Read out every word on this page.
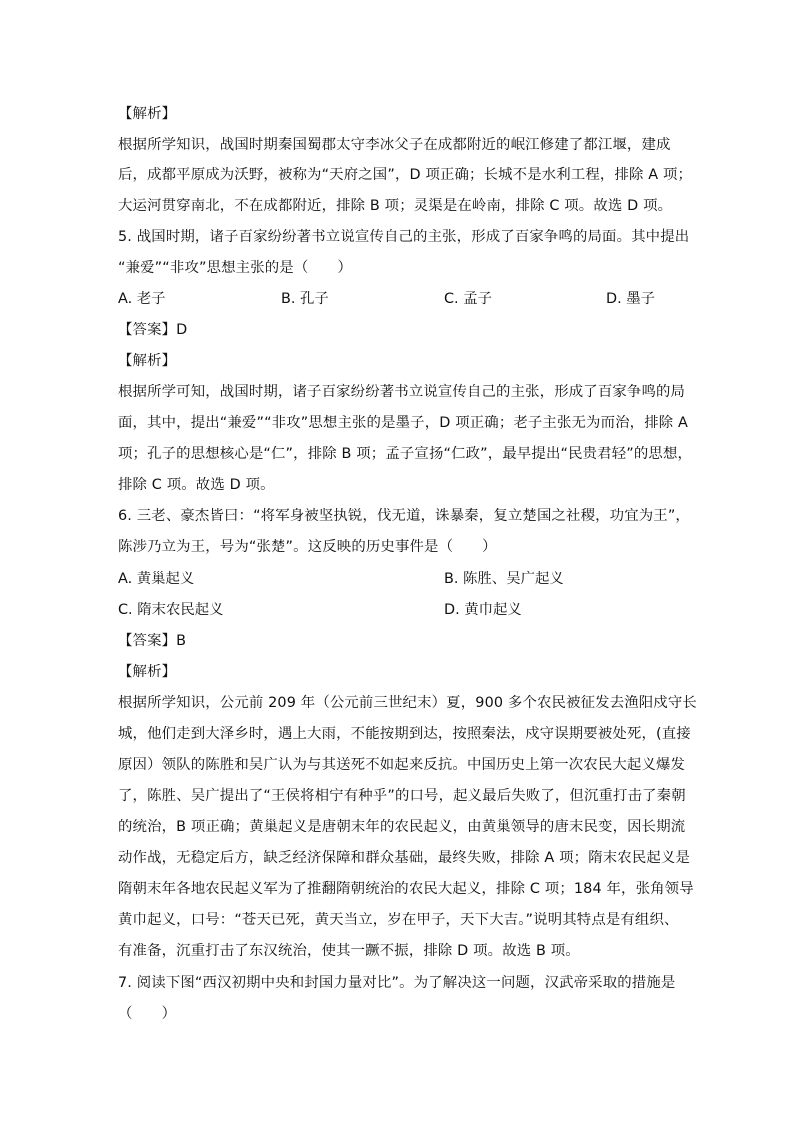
【解析】
根据所学知识，战国时期秦国蜀郡太守李冰父子在成都附近的岷江修建了都江堰，建成
后，成都平原成为沃野，被称为“天府之国”，D 项正确；长城不是水利工程，排除 A 项；
大运河贯穿南北，不在成都附近，排除 B 项；灵渠是在岭南，排除 C 项。故选 D 项。
5. 战国时期，诸子百家纷纷著书立说宣传自己的主张，形成了百家争鸣的局面。其中提出
“兼爱”“非攻”思想主张的是（　　）
A. 老子	B. 孔子	C. 孟子	D. 墨子
【答案】D
【解析】
根据所学可知，战国时期，诸子百家纷纷著书立说宣传自己的主张，形成了百家争鸣的局
面，其中，提出“兼爱”“非攻”思想主张的是墨子，D 项正确；老子主张无为而治，排除 A
项；孔子的思想核心是“仁”，排除 B 项；孟子宣扬“仁政”，最早提出“民贵君轻”的思想，
排除 C 项。故选 D 项。
6. 三老、豪杰皆曰：“将军身被坚执锐，伐无道，诛暴秦，复立楚国之社稷，功宜为王”，
陈涉乃立为王，号为“张楚”。这反映的历史事件是（　　）
A. 黄巢起义	B. 陈胜、吴广起义
C. 隋末农民起义	D. 黄巾起义
【答案】B
【解析】
根据所学知识，公元前 209 年（公元前三世纪末）夏，900 多个农民被征发去渔阳戍守长
城，他们走到大泽乡时，遇上大雨，不能按期到达，按照秦法，戍守误期要被处死，(直接
原因）领队的陈胜和吴广认为与其送死不如起来反抗。中国历史上第一次农民大起义爆发
了，陈胜、吴广提出了“王侯将相宁有种乎”的口号，起义最后失败了，但沉重打击了秦朝
的统治，B 项正确；黄巢起义是唐朝末年的农民起义，由黄巢领导的唐末民变，因长期流
动作战，无稳定后方，缺乏经济保障和群众基础，最终失败，排除 A 项；隋末农民起义是
隋朝末年各地农民起义军为了推翻隋朝统治的农民大起义，排除 C 项；184 年，张角领导
黄巾起义，口号：“苍天已死，黄天当立，岁在甲子，天下大吉。”说明其特点是有组织、
有准备，沉重打击了东汉统治，使其一蹶不振，排除 D 项。故选 B 项。
7. 阅读下图“西汉初期中央和封国力量对比”。为了解决这一问题，汉武帝采取的措施是
（　　）
